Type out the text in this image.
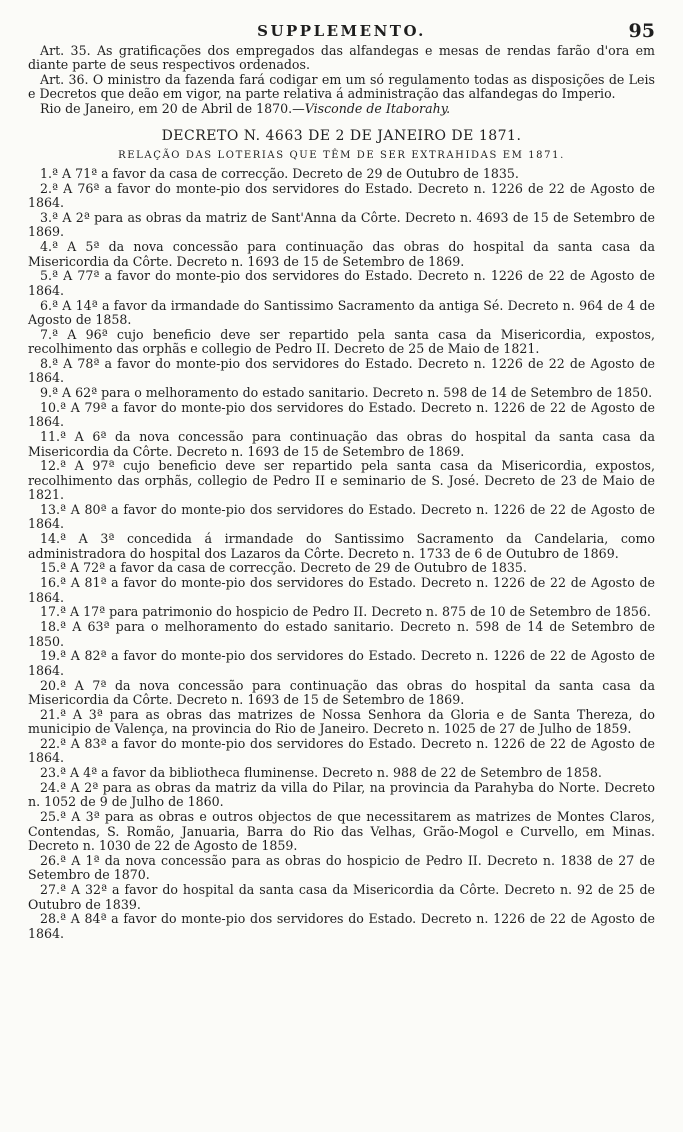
SUPPLEMENTO.	95

Art. 35. As gratificações dos empregados das alfandegas e mesas de rendas farão d'ora em diante parte de seus respectivos ordenados.

Art. 36. O ministro da fazenda fará codigar em um só regulamento todas as disposições de Leis e Decretos que deão em vigor, na parte relativa á administração das alfandegas do Imperio.

Rio de Janeiro, em 20 de Abril de 1870.—Visconde de Itaborahy.

DECRETO N. 4663 DE 2 DE JANEIRO DE 1871.
RELAÇÃO DAS LOTERIAS QUE TÊM DE SER EXTRAHIDAS EM 1871.

1.ª A 71ª a favor da casa de correcção. Decreto de 29 de Outubro de 1835.

2.ª A 76ª a favor do monte-pio dos servidores do Estado. Decreto n. 1226 de 22 de Agosto de 1864.

3.ª A 2ª para as obras da matriz de Sant'Anna da Côrte. Decreto n. 4693 de 15 de Setembro de 1869.

4.ª A 5ª da nova concessão para continuação das obras do hospital da santa casa da Misericordia da Côrte. Decreto n. 1693 de 15 de Setembro de 1869.

5.ª A 77ª a favor do monte-pio dos servidores do Estado. Decreto n. 1226 de 22 de Agosto de 1864.

6.ª A 14ª a favor da irmandade do Santissimo Sacramento da antiga Sé. Decreto n. 964 de 4 de Agosto de 1858.

7.ª A 96ª cujo beneficio deve ser repartido pela santa casa da Misericordia, expostos, recolhimento das orphãs e collegio de Pedro II. Decreto de 25 de Maio de 1821.

8.ª A 78ª a favor do monte-pio dos servidores do Estado. Decreto n. 1226 de 22 de Agosto de 1864.

9.ª A 62ª para o melhoramento do estado sanitario. Decreto n. 598 de 14 de Setembro de 1850.

10.ª A 79ª a favor do monte-pio dos servidores do Estado. Decreto n. 1226 de 22 de Agosto de 1864.

11.ª A 6ª da nova concessão para continuação das obras do hospital da santa casa da Misericordia da Côrte. Decreto n. 1693 de 15 de Setembro de 1869.

12.ª A 97ª cujo beneficio deve ser repartido pela santa casa da Misericordia, expostos, recolhimento das orphãs, collegio de Pedro II e seminario de S. José. Decreto de 23 de Maio de 1821.

13.ª A 80ª a favor do monte-pio dos servidores do Estado. Decreto n. 1226 de 22 de Agosto de 1864.

14.ª A 3ª concedida á irmandade do Santissimo Sacramento da Candelaria, como administradora do hospital dos Lazaros da Côrte. Decreto n. 1733 de 6 de Outubro de 1869.

15.ª A 72ª a favor da casa de correcção. Decreto de 29 de Outubro de 1835.

16.ª A 81ª a favor do monte-pio dos servidores do Estado. Decreto n. 1226 de 22 de Agosto de 1864.

17.ª A 17ª para patrimonio do hospicio de Pedro II. Decreto n. 875 de 10 de Setembro de 1856.

18.ª A 63ª para o melhoramento do estado sanitario. Decreto n. 598 de 14 de Setembro de 1850.

19.ª A 82ª a favor do monte-pio dos servidores do Estado. Decreto n. 1226 de 22 de Agosto de 1864.

20.ª A 7ª da nova concessão para continuação das obras do hospital da santa casa da Misericordia da Côrte. Decreto n. 1693 de 15 de Setembro de 1869.

21.ª A 3ª para as obras das matrizes de Nossa Senhora da Gloria e de Santa Thereza, do municipio de Valença, na provincia do Rio de Janeiro. Decreto n. 1025 de 27 de Julho de 1859.

22.ª A 83ª a favor do monte-pio dos servidores do Estado. Decreto n. 1226 de 22 de Agosto de 1864.

23.ª A 4ª a favor da bibliotheca fluminense. Decreto n. 988 de 22 de Setembro de 1858.

24.ª A 2ª para as obras da matriz da villa do Pilar, na provincia da Parahyba do Norte. Decreto n. 1052 de 9 de Julho de 1860.

25.ª A 3ª para as obras e outros objectos de que necessitarem as matrizes de Montes Claros, Contendas, S. Romão, Januaria, Barra do Rio das Velhas, Grão-Mogol e Curvello, em Minas. Decreto n. 1030 de 22 de Agosto de 1859.

26.ª A 1ª da nova concessão para as obras do hospicio de Pedro II. Decreto n. 1838 de 27 de Setembro de 1870.

27.ª A 32ª a favor do hospital da santa casa da Misericordia da Côrte. Decreto n. 92 de 25 de Outubro de 1839.

28.ª A 84ª a favor do monte-pio dos servidores do Estado. Decreto n. 1226 de 22 de Agosto de 1864.
